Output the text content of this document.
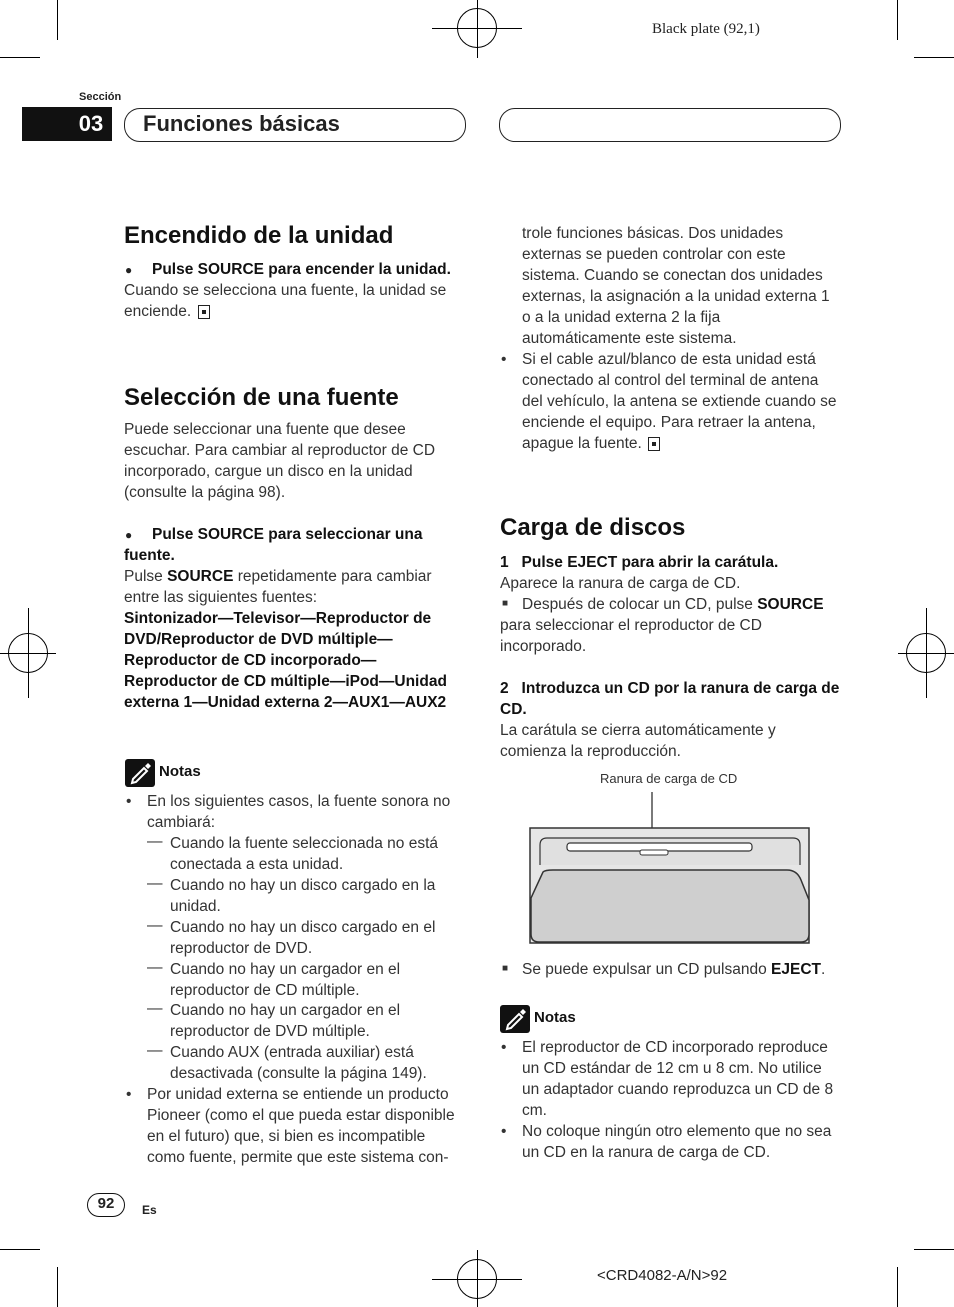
Black plate (92,1)
Sección
03	Funciones básicas
Encendido de la unidad
● Pulse SOURCE para encender la unidad.
Cuando se selecciona una fuente, la unidad se enciende.
Selección de una fuente
Puede seleccionar una fuente que desee escuchar. Para cambiar al reproductor de CD incorporado, cargue un disco en la unidad (consulte la página 98).
●	Pulse SOURCE para seleccionar una fuente.
Pulse SOURCE repetidamente para cambiar entre las siguientes fuentes:
Sintonizador—Televisor—Reproductor de DVD/Reproductor de DVD múltiple—Reproductor de CD incorporado—Reproductor de CD múltiple—iPod—Unidad externa 1—Unidad externa 2—AUX1—AUX2
Notas
• En los siguientes casos, la fuente sonora no cambiará:
— Cuando la fuente seleccionada no está conectada a esta unidad.
— Cuando no hay un disco cargado en la unidad.
— Cuando no hay un disco cargado en el reproductor de DVD.
— Cuando no hay un cargador en el reproductor de CD múltiple.
— Cuando no hay un cargador en el reproductor de DVD múltiple.
— Cuando AUX (entrada auxiliar) está desactivada (consulte la página 149).
• Por unidad externa se entiende un producto Pioneer (como el que pueda estar disponible en el futuro) que, si bien es incompatible como fuente, permite que este sistema con-
trole funciones básicas. Dos unidades externas se pueden controlar con este sistema. Cuando se conectan dos unidades externas, la asignación a la unidad externa 1 o a la unidad externa 2 la fija automáticamente este sistema.
• Si el cable azul/blanco de esta unidad está conectado al control del terminal de antena del vehículo, la antena se extiende cuando se enciende el equipo. Para retraer la antena, apague la fuente.
Carga de discos
1   Pulse EJECT para abrir la carátula.
Aparece la ranura de carga de CD.
■ Después de colocar un CD, pulse SOURCE para seleccionar el reproductor de CD incorporado.
2   Introduzca un CD por la ranura de carga de CD.
La carátula se cierra automáticamente y comienza la reproducción.
Ranura de carga de CD
■ Se puede expulsar un CD pulsando EJECT.
Notas
• El reproductor de CD incorporado reproduce un CD estándar de 12 cm u 8 cm. No utilice un adaptador cuando reproduzca un CD de 8 cm.
• No coloque ningún otro elemento que no sea un CD en la ranura de carga de CD.
92	Es
<CRD4082-A/N>92
